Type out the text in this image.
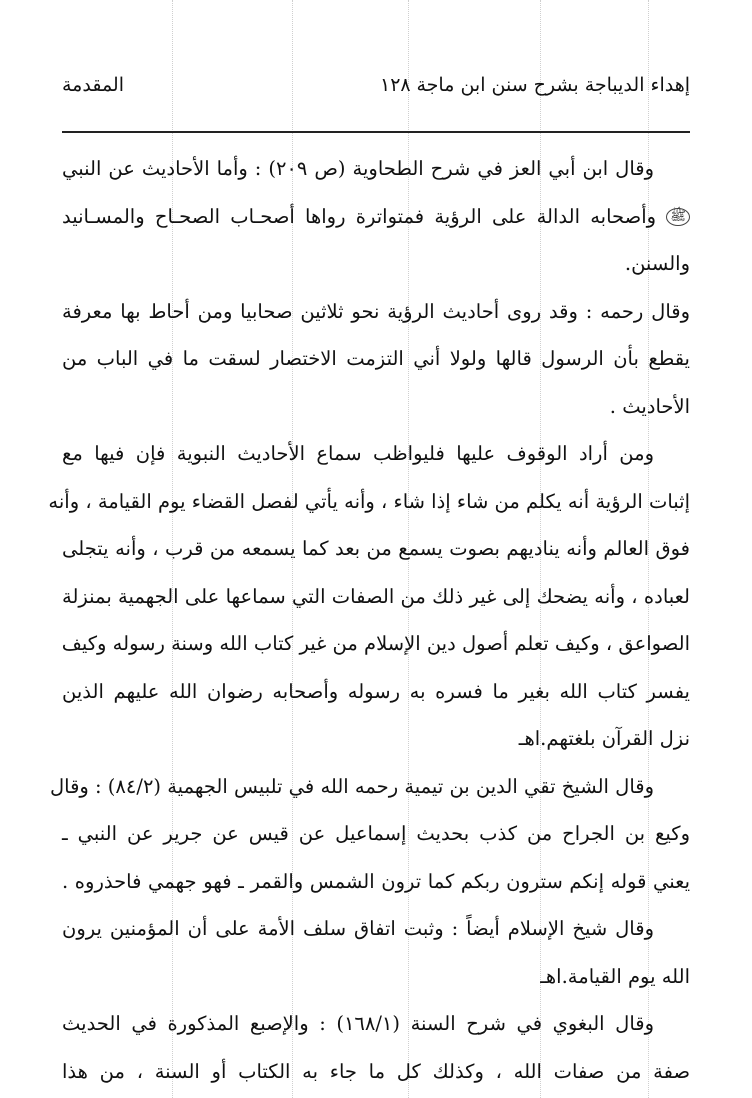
إهداء الديباجة بشرح سنن ابن ماجة
١٢٨
المقدمة
وقال ابن أبي العز في شرح الطحاوية (ص ٢٠٩) : وأما الأحاديث عن النبي
ﷺ وأصحابه الدالة على الرؤية فمتواترة رواها أصحـاب الصحـاح والمسـانيد
والسنن.
وقال رحمه : وقد روى أحاديث الرؤية نحو ثلاثين صحابيا ومن أحاط بها معرفة
يقطع بأن الرسول قالها ولولا أني التزمت الاختصار لسقت ما في الباب من
الأحاديث .
ومن أراد الوقوف عليها فليواظب سماع الأحاديث النبوية فإن فيها مع
إثبات الرؤية أنه يكلم من شاء إذا شاء ، وأنه يأتي لفصل القضاء يوم القيامة ، وأنه
فوق العالم وأنه يناديهم بصوت يسمع من بعد كما يسمعه من قرب ، وأنه يتجلى
لعباده ، وأنه يضحك إلى غير ذلك من الصفات التي سماعها على الجهمية بمنزلة
الصواعق ، وكيف تعلم أصول دين الإسلام من غير كتاب الله وسنة رسوله وكيف
يفسر كتاب الله بغير ما فسره به رسوله وأصحابه رضوان الله عليهم الذين
نزل القرآن بلغتهم.اهـ
وقال الشيخ تقي الدين بن تيمية رحمه الله في تلبيس الجهمية (٨٤/٢) : وقال
وكيع بن الجراح من كذب بحديث إسماعيل عن قيس عن جرير عن النبي ـ
يعني قوله إنكم سترون ربكم كما ترون الشمس والقمر ـ فهو جهمي فاحذروه .
وقال شيخ الإسلام أيضاً : وثبت اتفاق سلف الأمة على أن المؤمنين يرون
الله يوم القيامة.اهـ
وقال البغوي في شرح السنة (١٦٨/١) : والإصبع المذكورة في الحديث
صفة من صفات الله ، وكذلك كل ما جاء به الكتاب أو السنة ، من هذا
